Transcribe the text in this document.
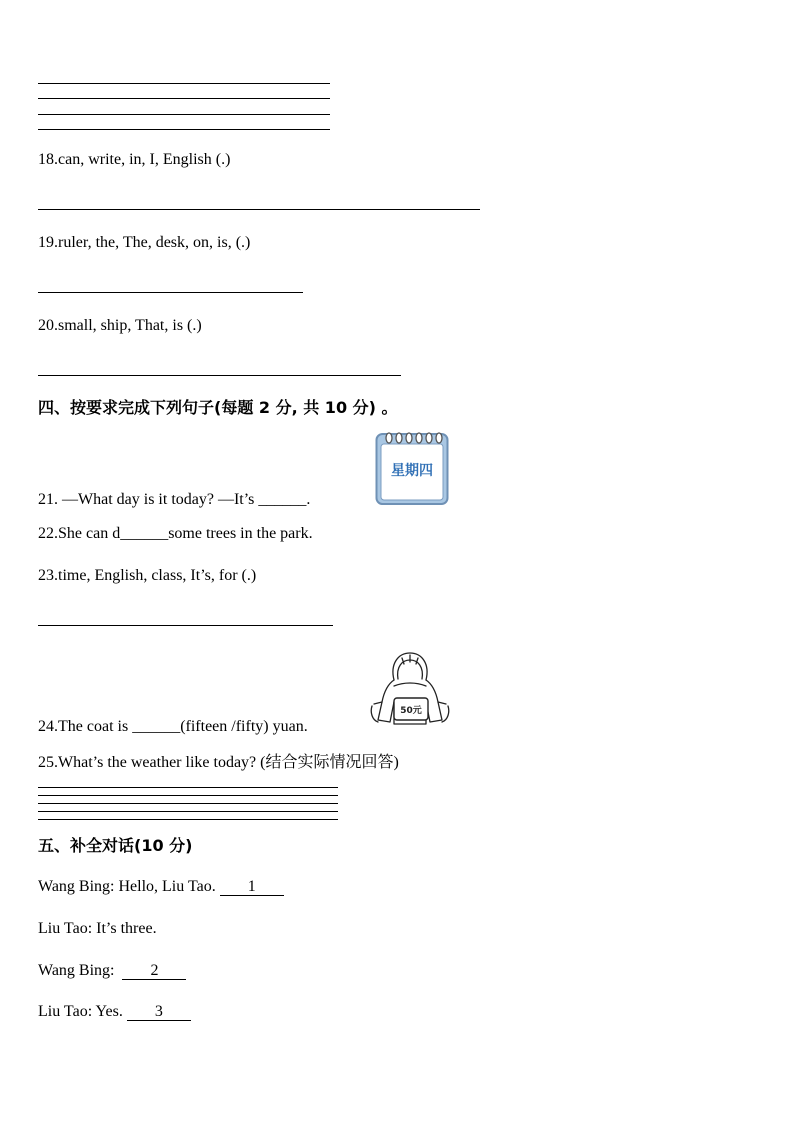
18.can, write, in, I, English (.)
19.ruler, the, The, desk, on, is, (.)
20.small, ship, That, is (.)
四、按要求完成下列句子(每题 2 分, 共 10 分) 。
星期四
21. —What day is it today? —It’s ______.
22.She can d______some trees in the park.
23.time, English, class, It’s, for (.)
50元
24.The coat is ______(fifteen /fifty) yuan.
25.What’s the weather like today? (结合实际情况回答)
五、补全对话(10 分)
Wang Bing: Hello, Liu Tao. 1
Liu Tao: It’s three.
Wang Bing: 2
Liu Tao: Yes. 3
